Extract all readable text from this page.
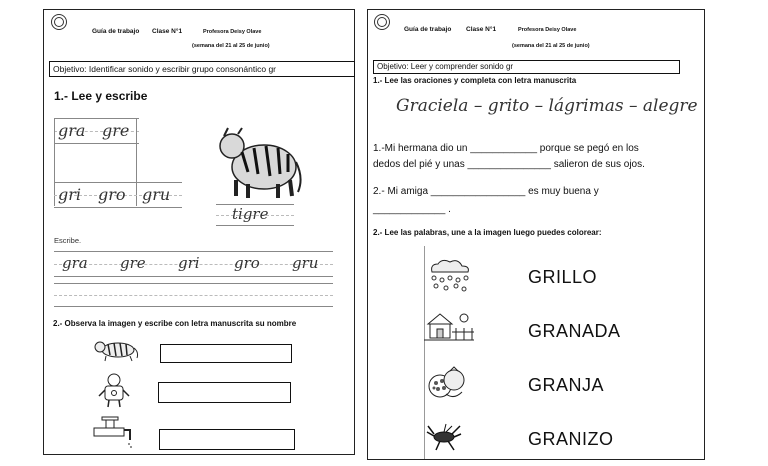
Guía de trabajo Clase N°1	Profesora Deisy Olave
(semana del 21 al 25 de junio)
Objetivo: Identificar sonido y escribir grupo consonántico gr
1.- Lee y escribe
gra gre
gri gro gru
tigre
Escribe.
gra gre gri gro gru
2.- Observa la imagen y escribe con letra manuscrita su nombre
Guía de trabajo Clase N°1	Profesora Deisy Olave
(semana del 21 al 25 de junio)
Objetivo: Leer y comprender sonido gr
1.- Lee las oraciones y completa con letra manuscrita
Graciela – grito – lágrimas – alegre
1.-Mi hermana dio un ____________ porque se pegó en los
dedos del pié y unas _______________ salieron de sus ojos.
2.- Mi amiga _________________ es muy buena y
_____________ .
2.- Lee las palabras, une a la imagen luego puedes colorear:
GRILLO
GRANADA
GRANJA
GRANIZO
